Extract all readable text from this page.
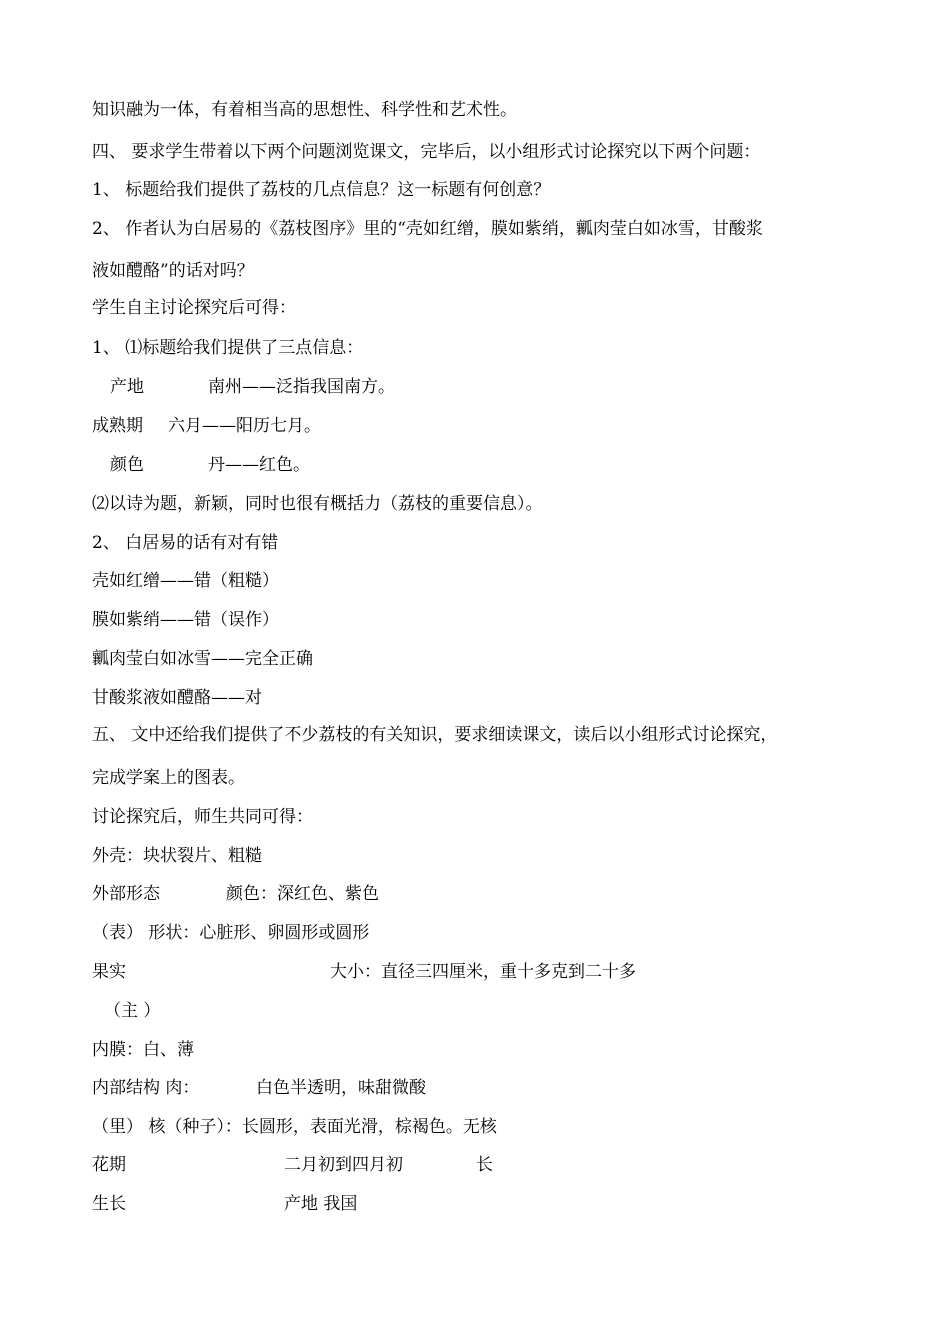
知识融为一体，有着相当高的思想性、科学性和艺术性。
四、 要求学生带着以下两个问题浏览课文，完毕后，以小组形式讨论探究以下两个问题：
1、 标题给我们提供了荔枝的几点信息？这一标题有何创意？
2、 作者认为白居易的《荔枝图序》里的“壳如红缯，膜如紫绡，瓤肉莹白如冰雪，甘酸浆
液如醴酪”的话对吗？
学生自主讨论探究后可得：
1、 ⑴标题给我们提供了三点信息：
产地	南州——泛指我国南方。
成熟期 六月——阳历七月。
颜色	丹——红色。
⑵以诗为题，新颖，同时也很有概括力（荔枝的重要信息）。
2、 白居易的话有对有错
壳如红缯——错（粗糙）
膜如紫绡——错（误作）
瓤肉莹白如冰雪——完全正确
甘酸浆液如醴酪——对
五、 文中还给我们提供了不少荔枝的有关知识，要求细读课文，读后以小组形式讨论探究，
完成学案上的图表。
讨论探究后，师生共同可得：
外壳：块状裂片、粗糙
外部形态	颜色：深红色、紫色
（表） 形状：心脏形、卵圆形或圆形
果实	大小：直径三四厘米，重十多克到二十多
（主 ）
内膜：白、薄
内部结构 肉：	白色半透明，味甜微酸
（里） 核（种子）：长圆形，表面光滑，棕褐色。无核
花期	二月初到四月初	长
生长	产地 我国
